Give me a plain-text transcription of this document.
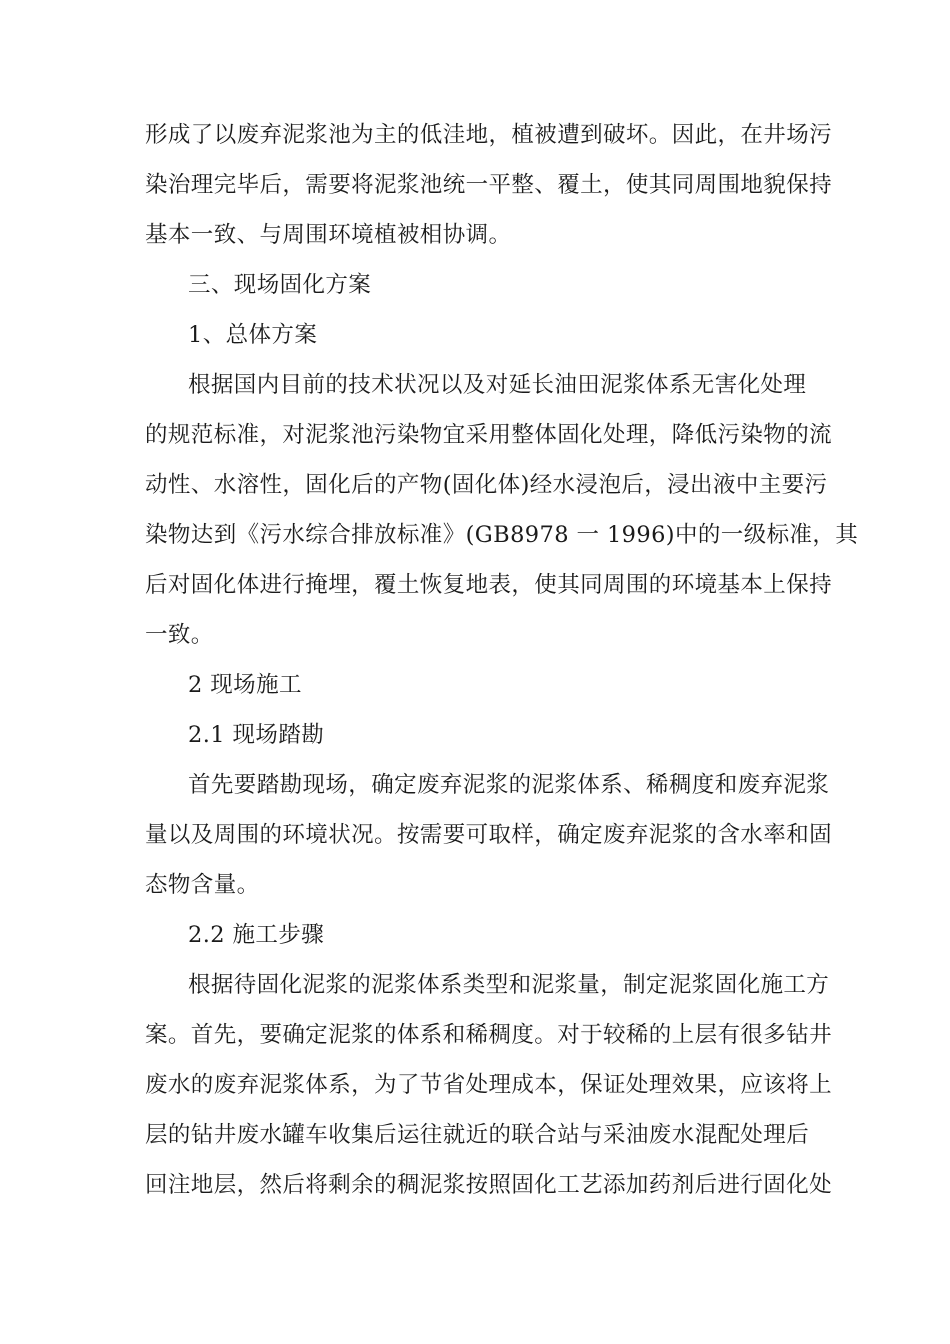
形成了以废弃泥浆池为主的低洼地，植被遭到破坏。因此，在井场污
染治理完毕后，需要将泥浆池统一平整、覆土，使其同周围地貌保持
基本一致、与周围环境植被相协调。
三、现场固化方案
1、总体方案
根据国内目前的技术状况以及对延长油田泥浆体系无害化处理
的规范标准，对泥浆池污染物宜采用整体固化处理，降低污染物的流
动性、水溶性，固化后的产物(固化体)经水浸泡后，浸出液中主要污
染物达到《污水综合排放标准》(GB8978 一 1996)中的一级标准，其
后对固化体进行掩埋，覆土恢复地表，使其同周围的环境基本上保持
一致。
2 现场施工
2.1 现场踏勘
首先要踏勘现场，确定废弃泥浆的泥浆体系、稀稠度和废弃泥浆
量以及周围的环境状况。按需要可取样，确定废弃泥浆的含水率和固
态物含量。
2.2 施工步骤
根据待固化泥浆的泥浆体系类型和泥浆量，制定泥浆固化施工方
案。首先，要确定泥浆的体系和稀稠度。对于较稀的上层有很多钻井
废水的废弃泥浆体系，为了节省处理成本，保证处理效果，应该将上
层的钻井废水罐车收集后运往就近的联合站与采油废水混配处理后
回注地层，然后将剩余的稠泥浆按照固化工艺添加药剂后进行固化处
